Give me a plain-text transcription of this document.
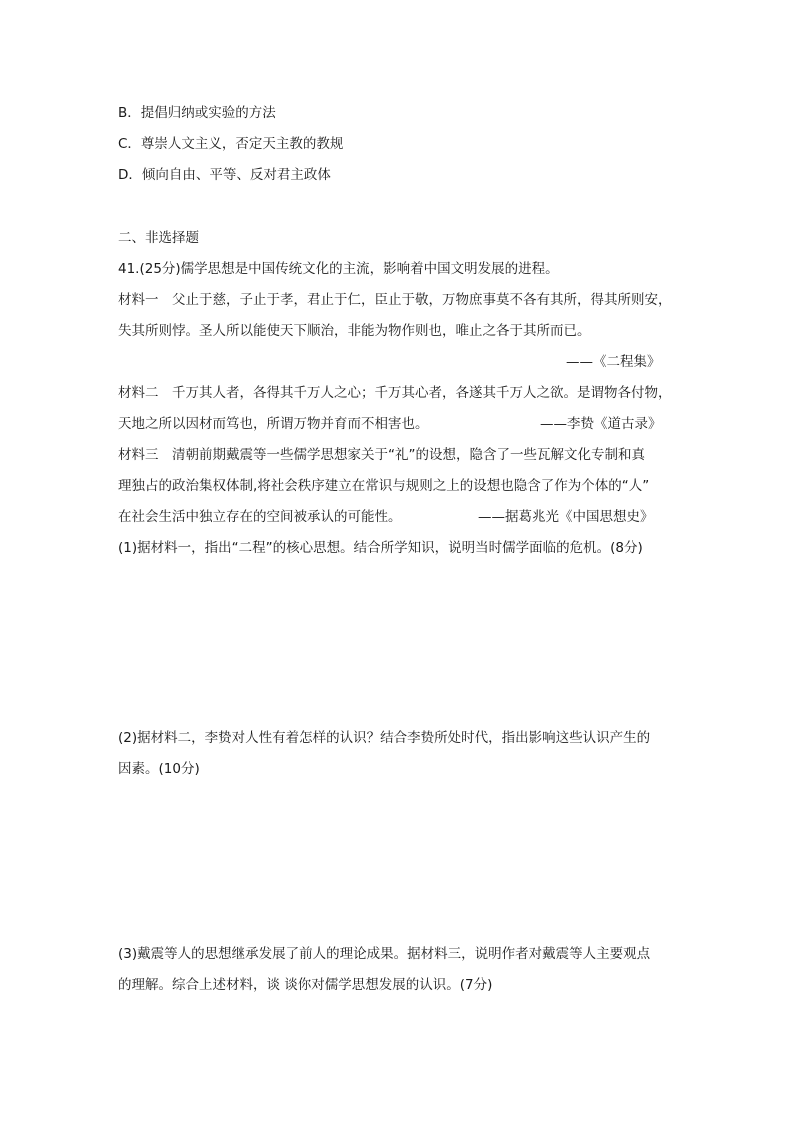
B．提倡归纳或实验的方法
C．尊崇人文主义，否定天主教的教规
D．倾向自由、平等、反对君主政体
二、非选择题
41.(25分)儒学思想是中国传统文化的主流，影响着中国文明发展的进程。
材料一　父止于慈，子止于孝，君止于仁，臣止于敬，万物庶事莫不各有其所，得其所则安，
失其所则悖。圣人所以能使天下顺治，非能为物作则也，唯止之各于其所而已。
——《二程集》
材料二　千万其人者，各得其千万人之心；千万其心者，各遂其千万人之欲。是谓物各付物，
天地之所以因材而笃也，所谓万物并育而不相害也。	——李贽《道古录》
材料三　清朝前期戴震等一些儒学思想家关于“礼”的设想，隐含了一些瓦解文化专制和真
理独占的政治集权体制,将社会秩序建立在常识与规则之上的设想也隐含了作为个体的“人”
在社会生活中独立存在的空间被承认的可能性。	——据葛兆光《中国思想史》
(1)据材料一，指出“二程”的核心思想。结合所学知识，说明当时儒学面临的危机。(8分)
(2)据材料二，李贽对人性有着怎样的认识？结合李贽所处时代，指出影响这些认识产生的
因素。(10分)
(3)戴震等人的思想继承发展了前人的理论成果。据材料三，说明作者对戴震等人主要观点
的理解。综合上述材料，谈 谈你对儒学思想发展的认识。(7分)
